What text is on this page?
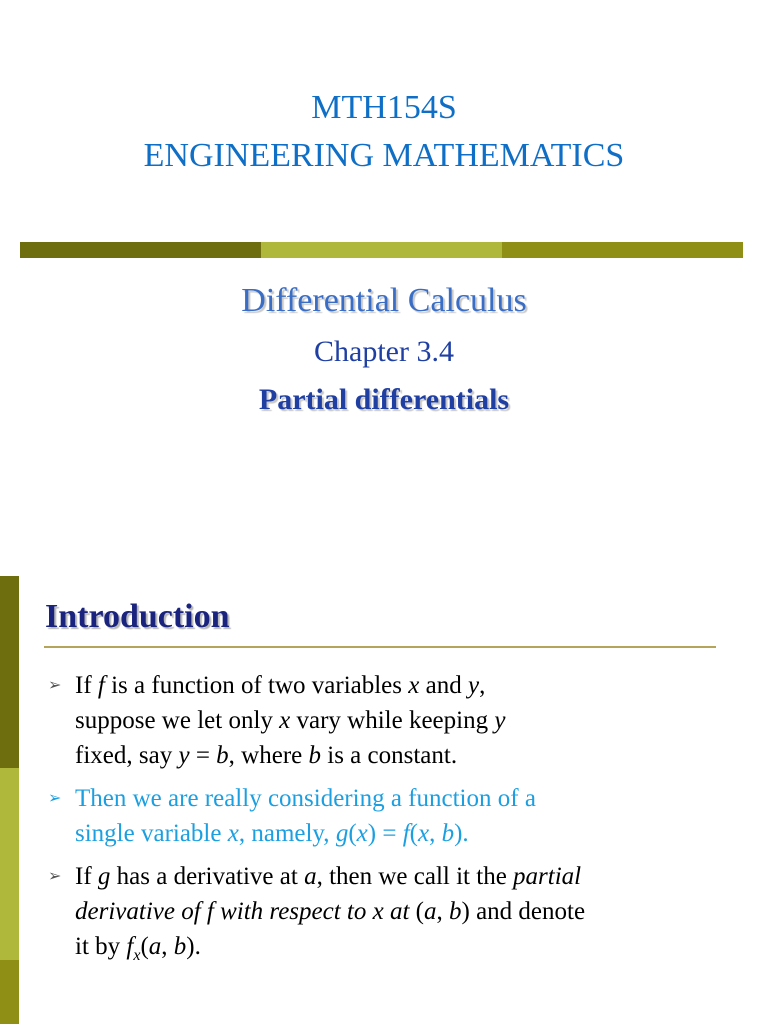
MTH154S
ENGINEERING MATHEMATICS
Differential Calculus
Chapter 3.4
Partial differentials
Introduction
➢ If f is a function of two variables x and y,
suppose we let only x vary while keeping y
fixed, say y = b, where b is a constant.
➢ Then we are really considering a function of a
single variable x, namely, g(x) = f(x, b).
➢ If g has a derivative at a, then we call it the partial
derivative of f with respect to x at (a, b) and denote
it by $f_x(a$, b).
